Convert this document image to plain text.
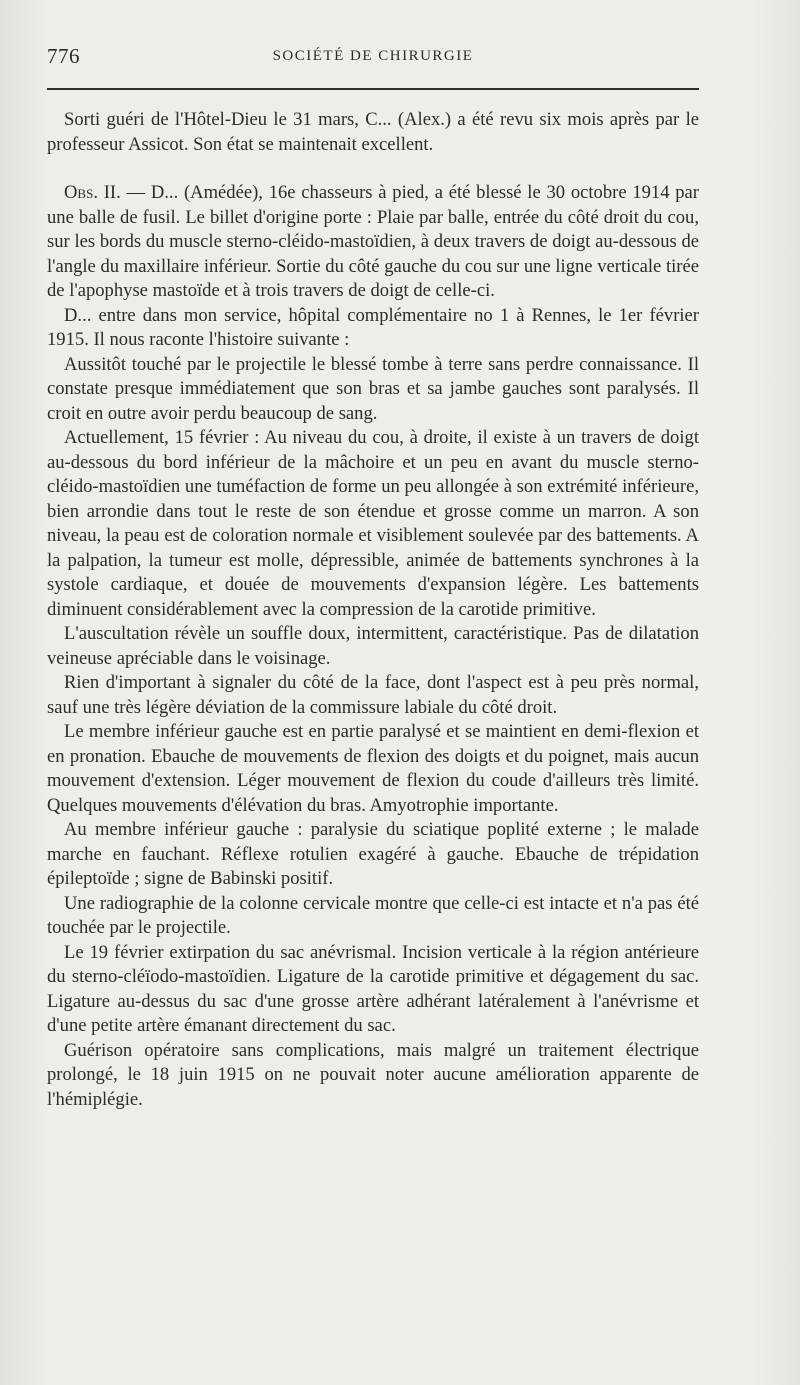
776	SOCIÉTÉ DE CHIRURGIE

Sorti guéri de l'Hôtel-Dieu le 31 mars, C... (Alex.) a été revu six mois après par le professeur Assicot. Son état se maintenait excellent.

Obs. II. — D... (Amédée), 16e chasseurs à pied, a été blessé le 30 octobre 1914 par une balle de fusil. Le billet d'origine porte : Plaie par balle, entrée du côté droit du cou, sur les bords du muscle sterno-cléido-mastoïdien, à deux travers de doigt au-dessous de l'angle du maxillaire inférieur. Sortie du côté gauche du cou sur une ligne verticale tirée de l'apophyse mastoïde et à trois travers de doigt de celle-ci.

D... entre dans mon service, hôpital complémentaire no 1 à Rennes, le 1er février 1915. Il nous raconte l'histoire suivante :

Aussitôt touché par le projectile le blessé tombe à terre sans perdre connaissance. Il constate presque immédiatement que son bras et sa jambe gauches sont paralysés. Il croit en outre avoir perdu beaucoup de sang.

Actuellement, 15 février : Au niveau du cou, à droite, il existe à un travers de doigt au-dessous du bord inférieur de la mâchoire et un peu en avant du muscle sterno-cléido-mastoïdien une tuméfaction de forme un peu allongée à son extrémité inférieure, bien arrondie dans tout le reste de son étendue et grosse comme un marron. A son niveau, la peau est de coloration normale et visiblement soulevée par des battements. A la palpation, la tumeur est molle, dépressible, animée de battements synchrones à la systole cardiaque, et douée de mouvements d'expansion légère. Les battements diminuent considérablement avec la compression de la carotide primitive.

L'auscultation révèle un souffle doux, intermittent, caractéristique. Pas de dilatation veineuse apréciable dans le voisinage.

Rien d'important à signaler du côté de la face, dont l'aspect est à peu près normal, sauf une très légère déviation de la commissure labiale du côté droit.

Le membre inférieur gauche est en partie paralysé et se maintient en demi-flexion et en pronation. Ebauche de mouvements de flexion des doigts et du poignet, mais aucun mouvement d'extension. Léger mouvement de flexion du coude d'ailleurs très limité. Quelques mouvements d'élévation du bras. Amyotrophie importante.

Au membre inférieur gauche : paralysie du sciatique poplité externe ; le malade marche en fauchant. Réflexe rotulien exagéré à gauche. Ebauche de trépidation épileptoïde ; signe de Babinski positif.

Une radiographie de la colonne cervicale montre que celle-ci est intacte et n'a pas été touchée par le projectile.

Le 19 février extirpation du sac anévrismal. Incision verticale à la région antérieure du sterno-cléïodo-mastoïdien. Ligature de la carotide primitive et dégagement du sac. Ligature au-dessus du sac d'une grosse artère adhérant latéralement à l'anévrisme et d'une petite artère émanant directement du sac.

Guérison opératoire sans complications, mais malgré un traitement électrique prolongé, le 18 juin 1915 on ne pouvait noter aucune amélioration apparente de l'hémiplégie.
